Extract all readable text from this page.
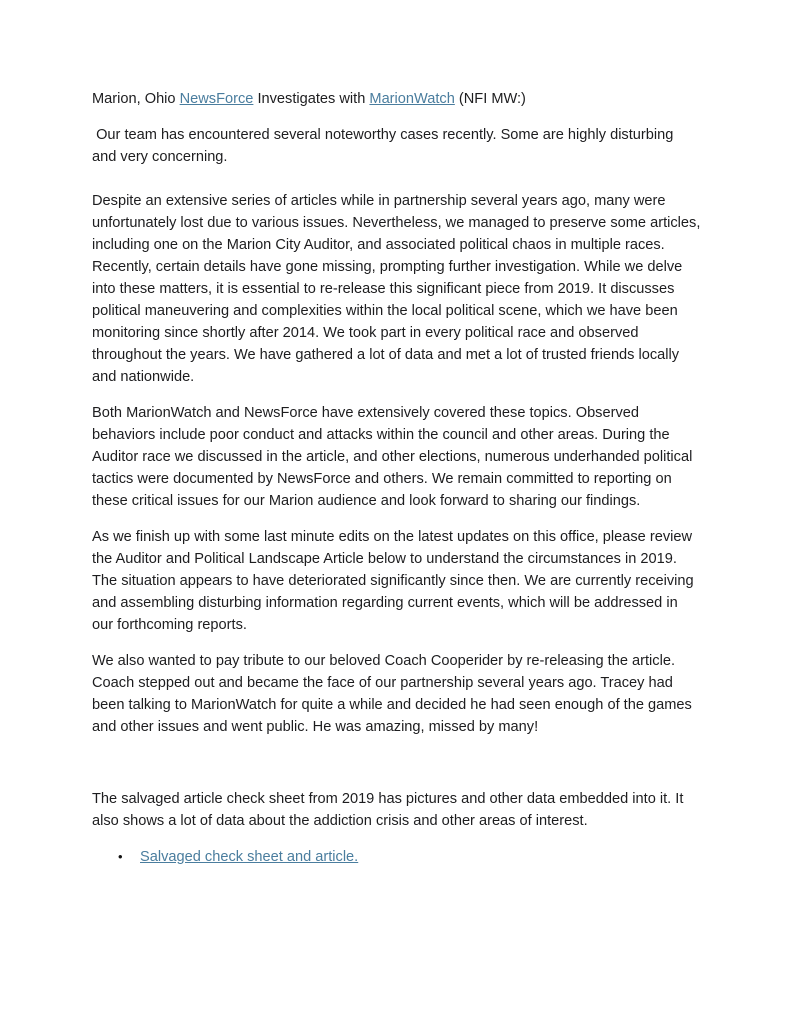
Marion, Ohio NewsForce Investigates with MarionWatch (NFI MW:)

Our team has encountered several noteworthy cases recently. Some are highly disturbing and very concerning.

Despite an extensive series of articles while in partnership several years ago, many were unfortunately lost due to various issues. Nevertheless, we managed to preserve some articles, including one on the Marion City Auditor, and associated political chaos in multiple races. Recently, certain details have gone missing, prompting further investigation. While we delve into these matters, it is essential to re-release this significant piece from 2019. It discusses political maneuvering and complexities within the local political scene, which we have been monitoring since shortly after 2014. We took part in every political race and observed throughout the years. We have gathered a lot of data and met a lot of trusted friends locally and nationwide.

Both MarionWatch and NewsForce have extensively covered these topics. Observed behaviors include poor conduct and attacks within the council and other areas. During the  Auditor race we discussed in the article, and other elections, numerous underhanded political tactics were documented by NewsForce and others. We remain committed to reporting on these critical issues for our Marion audience and look forward to sharing our findings.

As we finish up with some last minute edits on the latest updates on this office, please review the Auditor and Political Landscape Article below to understand the circumstances in 2019. The situation appears to have deteriorated significantly since then. We are currently receiving and assembling disturbing information regarding current events, which will be addressed in our forthcoming reports.

We also wanted to pay tribute to our beloved Coach Cooperider by re-releasing the article. Coach stepped out and became the face of our partnership several years ago. Tracey had been talking to MarionWatch for quite a while and decided he had seen enough of the games and other issues and went public. He was amazing, missed by many!

The salvaged article check sheet from 2019 has pictures and other data embedded into it. It also shows a lot of data about the addiction crisis and other areas of interest.

•	Salvaged check sheet and article.
